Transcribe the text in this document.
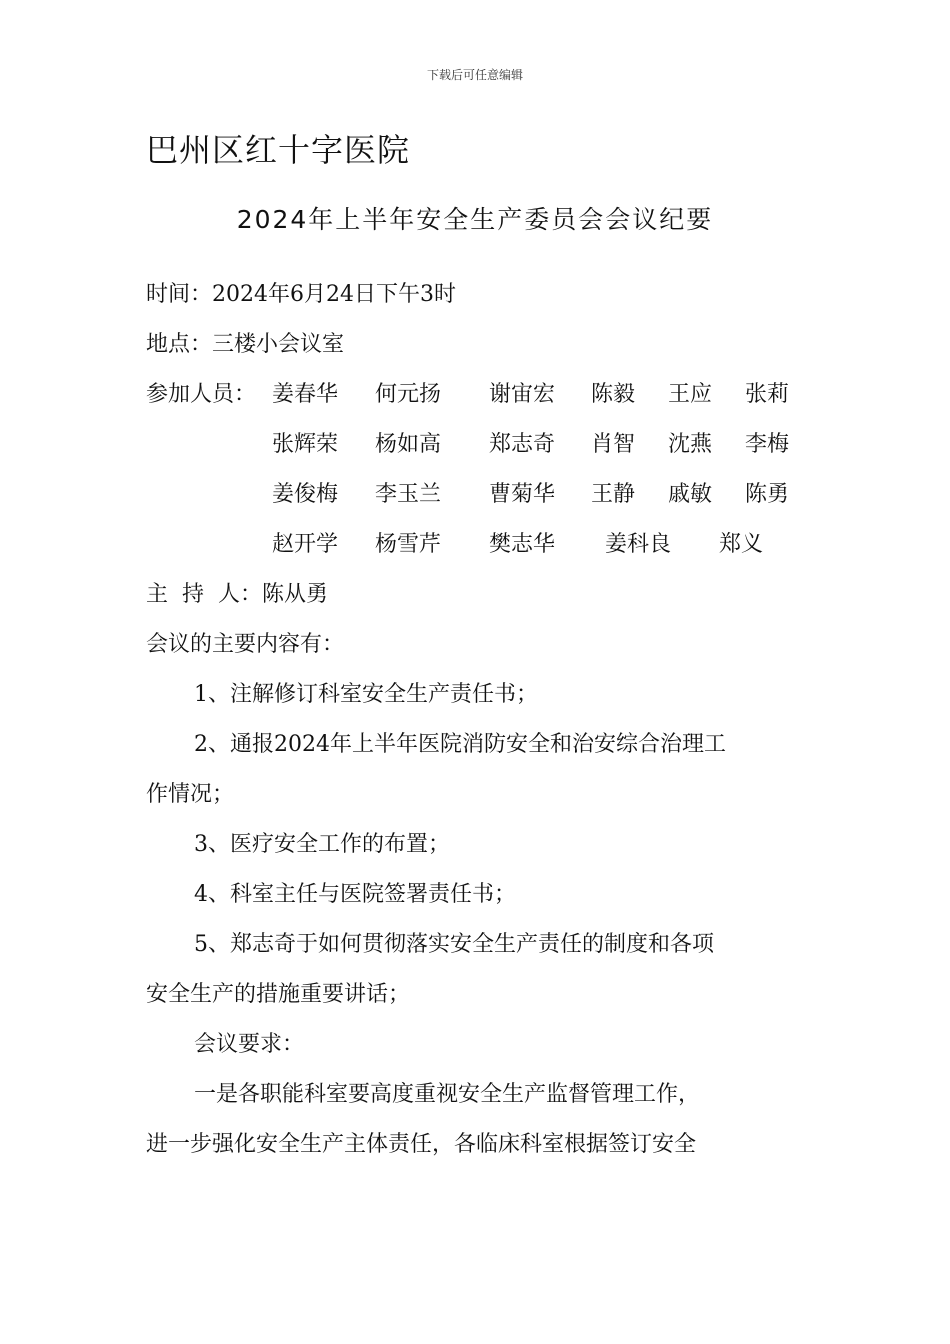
下载后可任意编辑
巴州区红十字医院
2024年上半年安全生产委员会会议纪要
时间：2024年6月24日下午3时
地点：三楼小会议室
参加人员： 姜春华 何元扬 谢宙宏 陈毅 王应 张莉
张辉荣 杨如高 郑志奇 肖智 沈燕 李梅
姜俊梅 李玉兰 曹菊华 王静 戚敏 陈勇
赵开学 杨雪芹 樊志华 姜科良 郑义
主  持  人：陈从勇
会议的主要内容有：
1、注解修订科室安全生产责任书；
2、通报2024年上半年医院消防安全和治安综合治理工
作情况；
3、医疗安全工作的布置；
4、科室主任与医院签署责任书；
5、郑志奇于如何贯彻落实安全生产责任的制度和各项
安全生产的措施重要讲话；
会议要求：
一是各职能科室要高度重视安全生产监督管理工作，
进一步强化安全生产主体责任，各临床科室根据签订安全
